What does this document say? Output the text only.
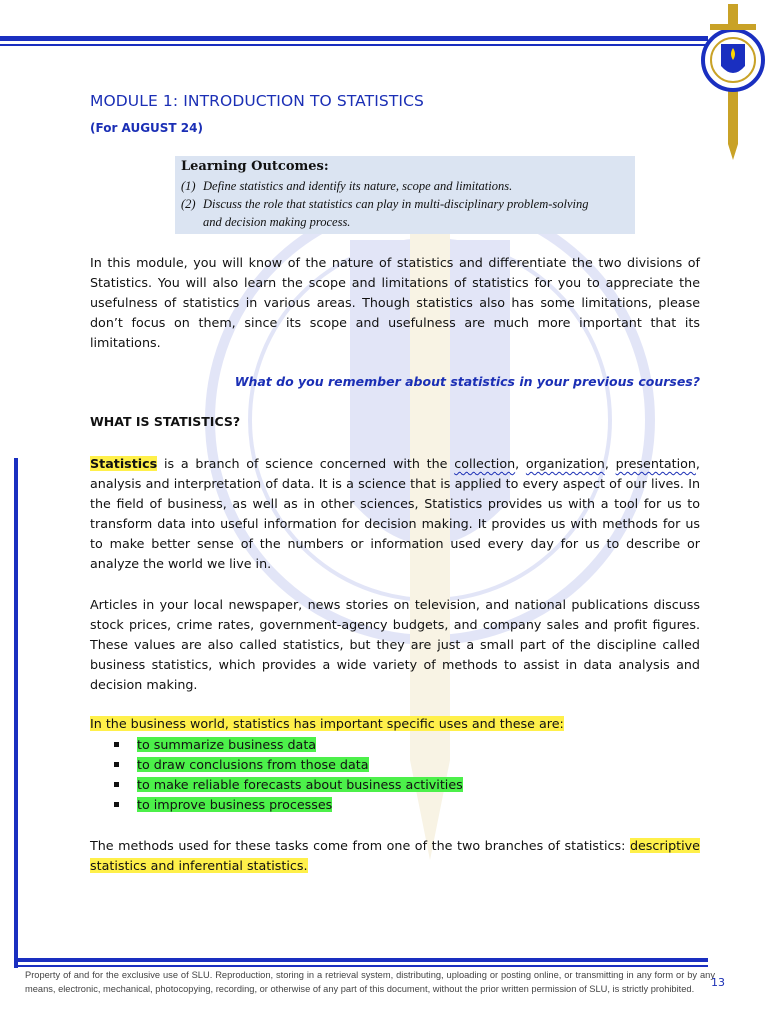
MODULE 1: INTRODUCTION TO STATISTICS
(For AUGUST 24)
Learning Outcomes:
(1) Define statistics and identify its nature, scope and limitations.
(2) Discuss the role that statistics can play in multi-disciplinary problem-solving
and decision making process.
In this module, you will know of the nature of statistics and differentiate the two divisions of Statistics. You will also learn the scope and limitations of statistics for you to appreciate the usefulness of statistics in various areas. Though statistics also has some limitations, please don’t focus on them, since its scope and usefulness are much more important that its limitations.
What do you remember about statistics in your previous courses?
WHAT IS STATISTICS?
Statistics is a branch of science concerned with the collection, organization, presentation, analysis and interpretation of data. It is a science that is applied to every aspect of our lives. In the field of business, as well as in other sciences, Statistics provides us with a tool for us to transform data into useful information for decision making. It provides us with methods for us to make better sense of the numbers or information used every day for us to describe or analyze the world we live in.
Articles in your local newspaper, news stories on television, and national publications discuss stock prices, crime rates, government-agency budgets, and company sales and profit figures. These values are also called statistics, but they are just a small part of the discipline called business statistics, which provides a wide variety of methods to assist in data analysis and decision making.
In the business world, statistics has important specific uses and these are:
to summarize business data
to draw conclusions from those data
to make reliable forecasts about business activities
to improve business processes
The methods used for these tasks come from one of the two branches of statistics: descriptive statistics and inferential statistics.
Property of and for the exclusive use of SLU. Reproduction, storing in a retrieval system, distributing, uploading or posting online, or transmitting in any form or by any means, electronic, mechanical, photocopying, recording, or otherwise of any part of this document, without the prior written permission of SLU, is strictly prohibited.	13
